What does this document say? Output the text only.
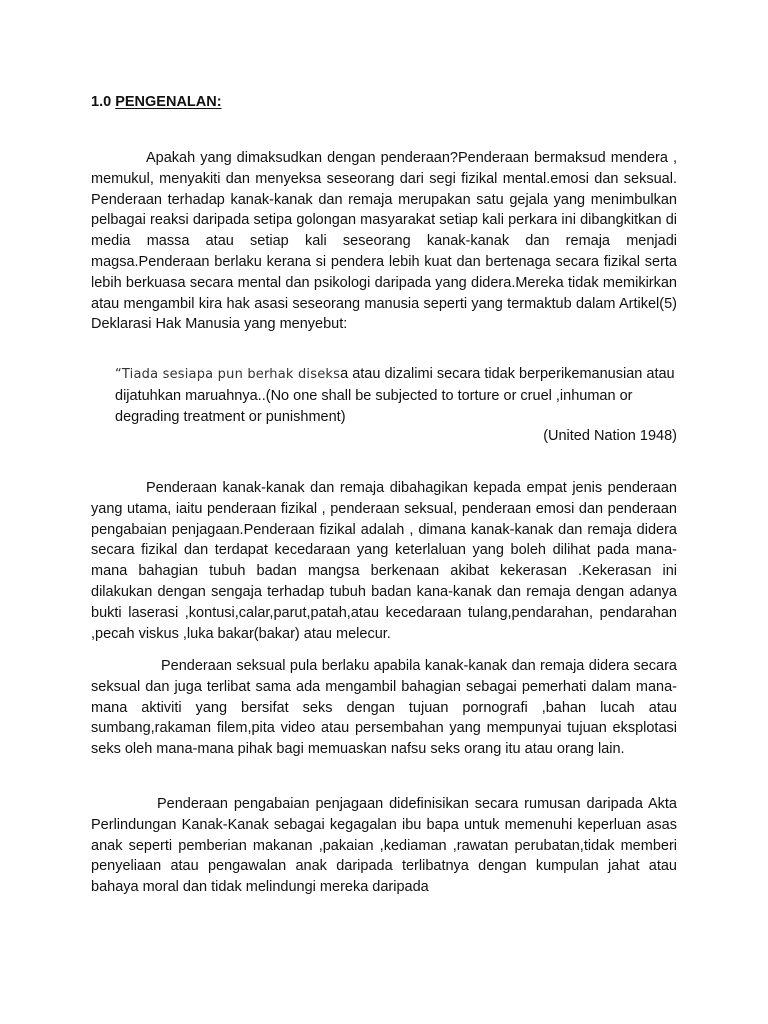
1.0 PENGENALAN:

Apakah yang dimaksudkan dengan penderaan?Penderaan bermaksud mendera , memukul, menyakiti dan menyeksa seseorang dari segi fizikal mental.emosi dan seksual. Penderaan terhadap kanak-kanak dan remaja merupakan satu gejala yang menimbulkan pelbagai reaksi daripada setipa golongan masyarakat setiap kali perkara ini dibangkitkan di media massa atau setiap kali seseorang kanak-kanak dan remaja menjadi magsa.Penderaan berlaku kerana si pendera lebih kuat dan bertenaga secara fizikal serta lebih berkuasa secara mental dan psikologi daripada yang didera.Mereka tidak memikirkan atau mengambil kira hak asasi seseorang manusia seperti yang termaktub dalam Artikel(5) Deklarasi Hak Manusia yang menyebut:

“Tiada sesiapa pun berhak diseksa atau dizalimi secara tidak berperikemanusian atau dijatuhkan maruahnya..(No one shall be subjected to torture or cruel ,inhuman or degrading treatment or punishment)

(United Nation 1948)

Penderaan kanak-kanak dan remaja dibahagikan kepada empat jenis penderaan yang utama, iaitu penderaan fizikal , penderaan seksual, penderaan emosi dan penderaan pengabaian penjagaan.Penderaan fizikal adalah , dimana kanak-kanak dan remaja didera secara fizikal dan terdapat kecedaraan yang keterlaluan yang boleh dilihat pada mana-mana bahagian tubuh badan mangsa berkenaan akibat kekerasan .Kekerasan ini dilakukan dengan sengaja terhadap tubuh badan kana-kanak dan remaja dengan adanya bukti laserasi ,kontusi,calar,parut,patah,atau kecedaraan tulang,pendarahan, pendarahan ,pecah viskus ,luka bakar(bakar) atau melecur.

Penderaan seksual pula berlaku apabila kanak-kanak dan remaja didera secara seksual dan juga terlibat sama ada mengambil bahagian sebagai pemerhati dalam mana-mana aktiviti yang bersifat seks dengan tujuan pornografi ,bahan lucah atau sumbang,rakaman filem,pita video atau persembahan yang mempunyai tujuan eksplotasi seks oleh mana-mana pihak bagi memuaskan nafsu seks orang itu atau orang lain.

Penderaan pengabaian penjagaan didefinisikan secara rumusan daripada Akta Perlindungan Kanak-Kanak sebagai kegagalan ibu bapa untuk memenuhi keperluan asas anak seperti pemberian makanan ,pakaian ,kediaman ,rawatan perubatan,tidak memberi penyeliaan atau pengawalan anak daripada terlibatnya dengan kumpulan jahat atau bahaya moral dan tidak melindungi mereka daripada
